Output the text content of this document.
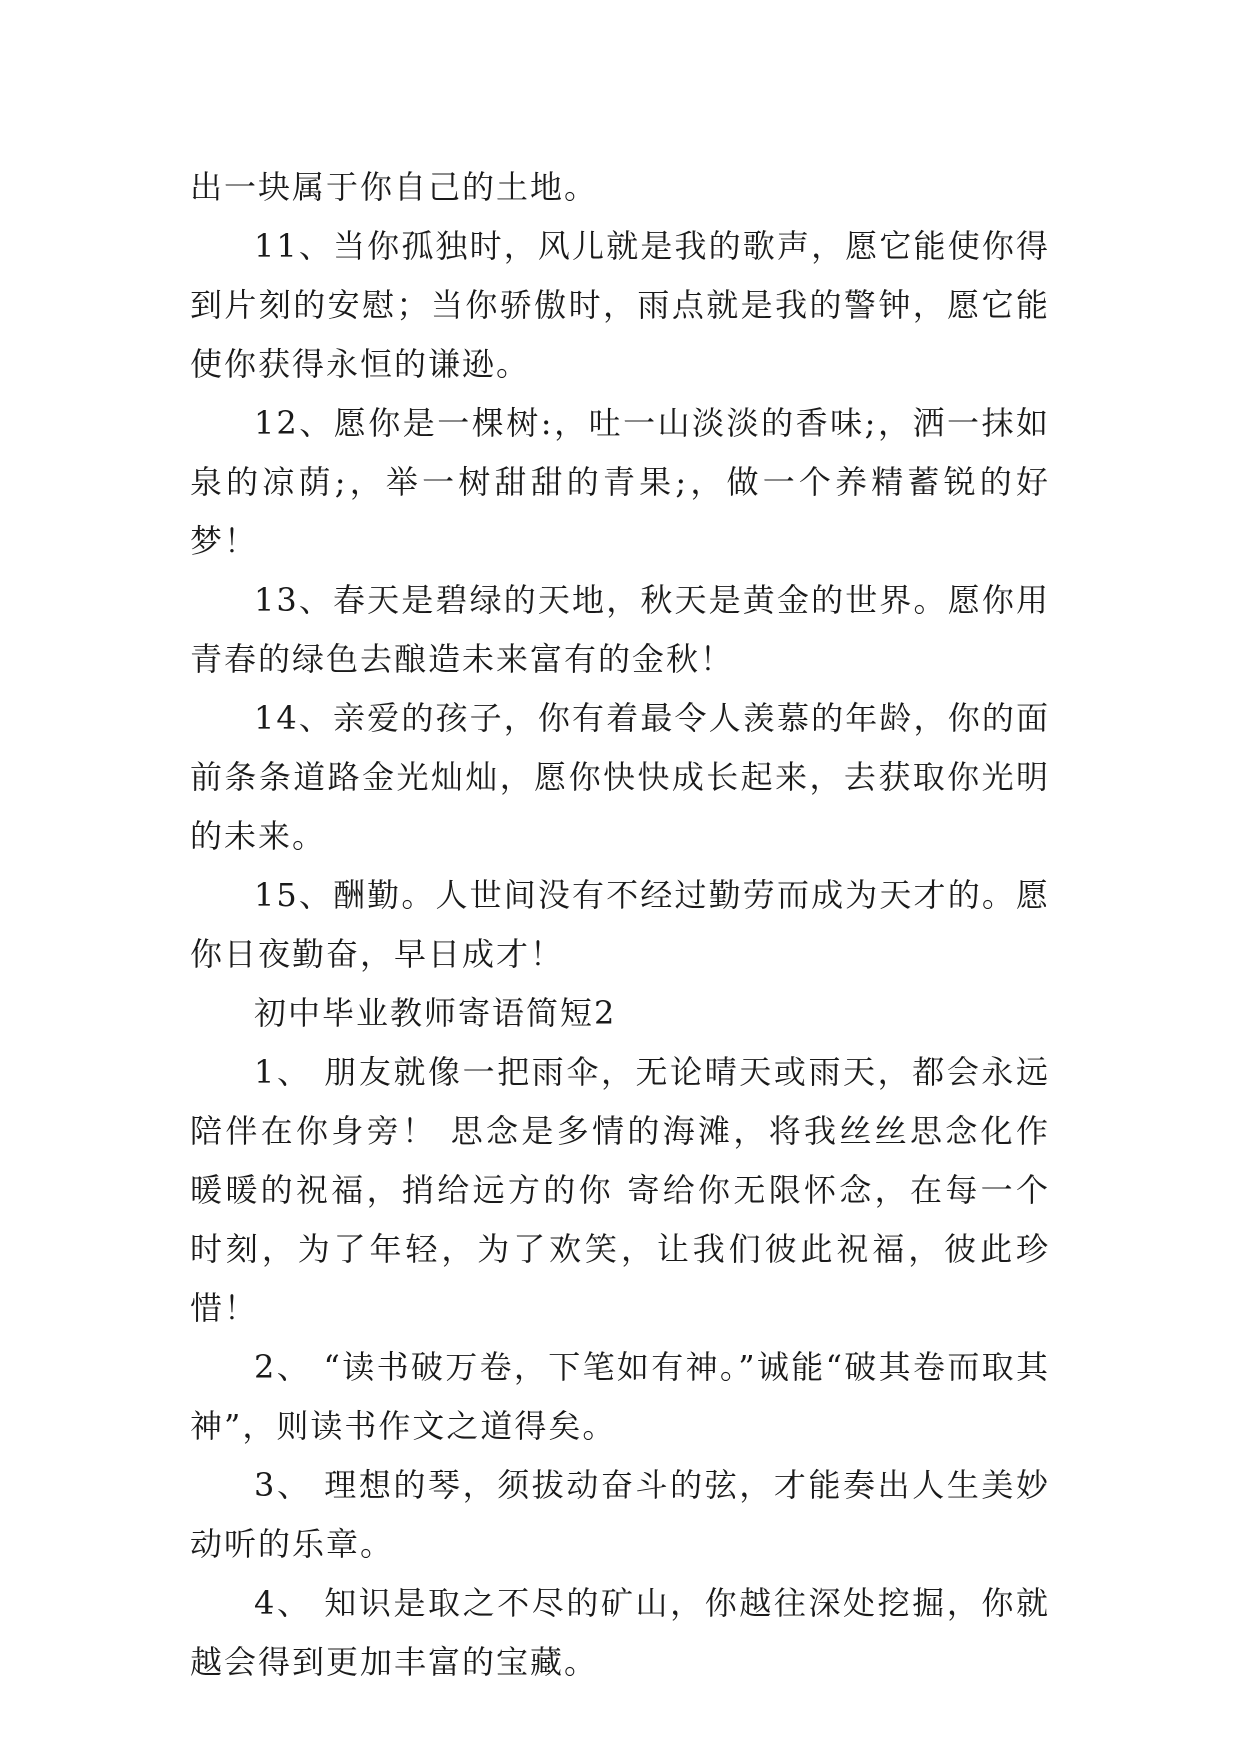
出一块属于你自己的土地。

11、当你孤独时，风儿就是我的歌声，愿它能使你得到片刻的安慰；当你骄傲时，雨点就是我的警钟，愿它能使你获得永恒的谦逊。

12、愿你是一棵树:，吐一山淡淡的香味;，洒一抹如泉的凉荫;，举一树甜甜的青果;，做一个养精蓄锐的好梦！

13、春天是碧绿的天地，秋天是黄金的世界。愿你用青春的绿色去酿造未来富有的金秋！

14、亲爱的孩子，你有着最令人羡慕的年龄，你的面前条条道路金光灿灿，愿你快快成长起来，去获取你光明的未来。

15、酬勤。人世间没有不经过勤劳而成为天才的。愿你日夜勤奋，早日成才！

初中毕业教师寄语简短2

1、 朋友就像一把雨伞，无论晴天或雨天，都会永远陪伴在你身旁！ 思念是多情的海滩，将我丝丝思念化作暖暖的祝福，捎给远方的你 寄给你无限怀念，在每一个时刻，为了年轻，为了欢笑，让我们彼此祝福，彼此珍惜！

2、 “读书破万卷，下笔如有神。”诚能“破其卷而取其神”，则读书作文之道得矣。

3、 理想的琴，须拔动奋斗的弦，才能奏出人生美妙动听的乐章。

4、 知识是取之不尽的矿山，你越往深处挖掘，你就越会得到更加丰富的宝藏。
